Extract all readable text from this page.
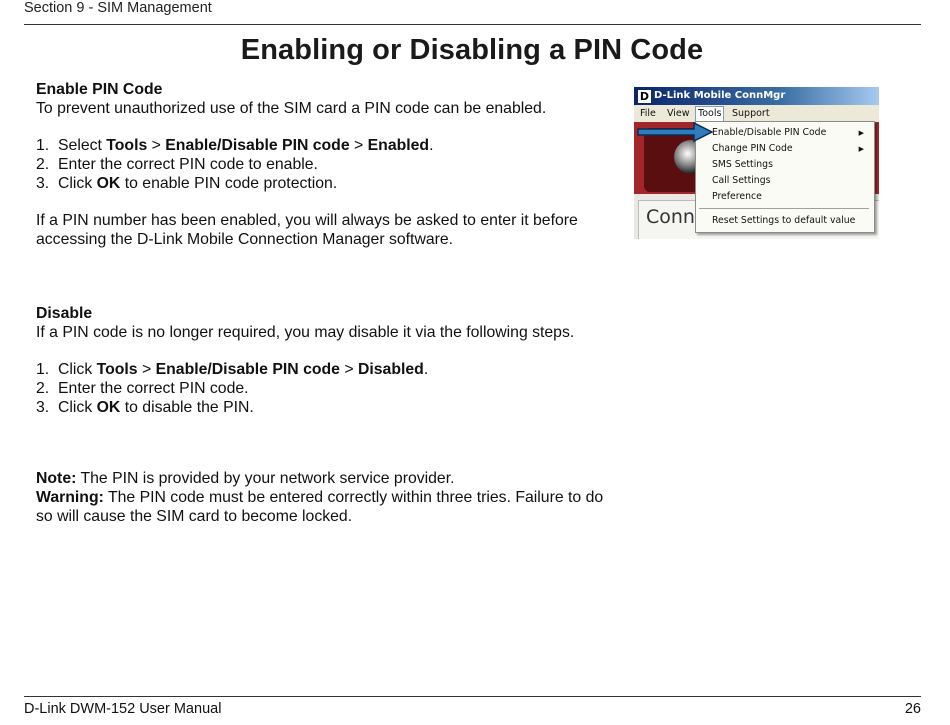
Section 9 - SIM Management
Enabling or Disabling a PIN Code

Enable PIN Code

To prevent unauthorized use of the SIM card a PIN code can be enabled.

1. Select Tools > Enable/Disable PIN code > Enabled.
2. Enter the correct PIN code to enable.
3. Click OK to enable PIN code protection.

If a PIN number has been enabled, you will always be asked to enter it before accessing the D-Link Mobile Connection Manager software.

Disable

If a PIN code is no longer required, you may disable it via the following steps.

1. Click Tools > Enable/Disable PIN code > Disabled.
2. Enter the correct PIN code.
3. Click OK to disable the PIN.

Note: The PIN is provided by your network service provider.

Warning: The PIN code must be entered correctly within three tries. Failure to do so will cause the SIM card to become locked.

D D-Link Mobile ConnMgr
File View Tools	Support
Conn
Enable/Disable PIN Code	▶
Change PIN Code	▶
SMS Settings
Call Settings
Preference
Reset Settings to default value
D-Link DWM-152 User Manual	26
